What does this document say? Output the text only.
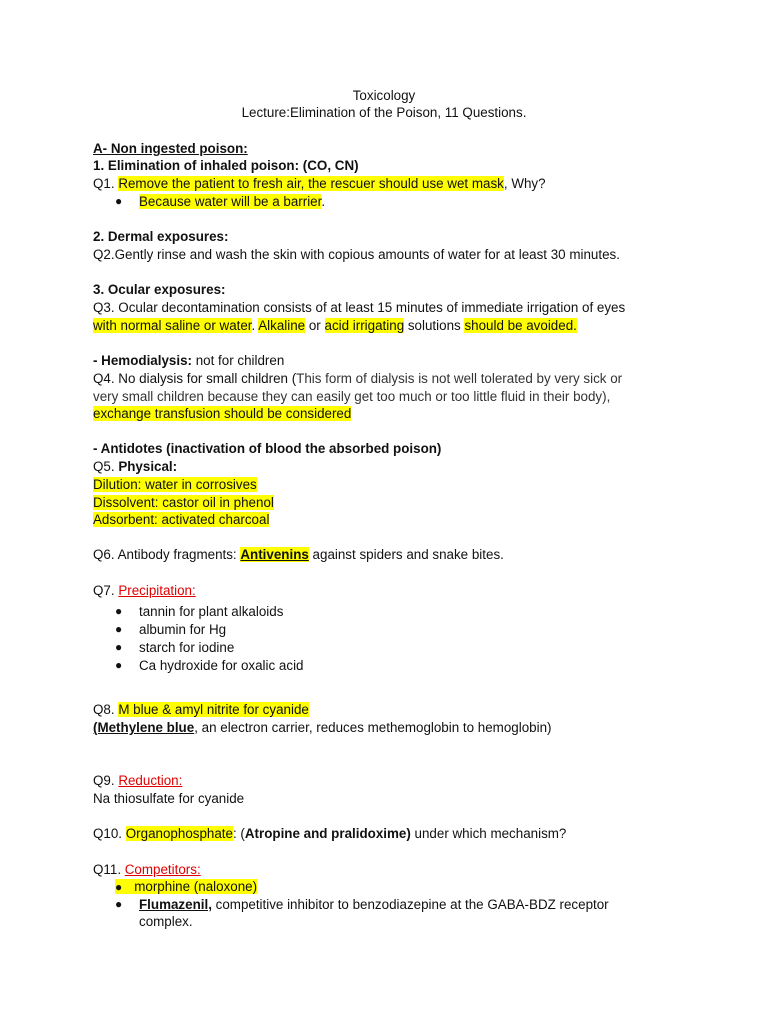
Toxicology
Lecture:Elimination of the Poison, 11 Questions.
A- Non ingested poison:
1. Elimination of inhaled poison: (CO, CN)
Q1. Remove the patient to fresh air, the rescuer should use wet mask, Why?
● Because water will be a barrier.
2. Dermal exposures:
Q2.Gently rinse and wash the skin with copious amounts of water for at least 30 minutes.
3. Ocular exposures:
Q3. Ocular decontamination consists of at least 15 minutes of immediate irrigation of eyes
with normal saline or water. Alkaline or acid irrigating solutions should be avoided.
- Hemodialysis: not for children
Q4. No dialysis for small children (This form of dialysis is not well tolerated by very sick or
very small children because they can easily get too much or too little fluid in their body),
exchange transfusion should be considered
- Antidotes (inactivation of blood the absorbed poison)
Q5. Physical:
Dilution: water in corrosives
Dissolvent: castor oil in phenol
Adsorbent: activated charcoal
Q6. Antibody fragments: Antivenins against spiders and snake bites.
Q7. Precipitation:
● tannin for plant alkaloids
● albumin for Hg
● starch for iodine
● Ca hydroxide for oxalic acid
Q8. M blue & amyl nitrite for cyanide
(Methylene blue, an electron carrier, reduces methemoglobin to hemoglobin)
Q9. Reduction:
Na thiosulfate for cyanide
Q10. Organophosphate: (Atropine and pralidoxime) under which mechanism?
Q11. Competitors:
● morphine (naloxone)
● Flumazenil, competitive inhibitor to benzodiazepine at the GABA-BDZ receptor
complex.
